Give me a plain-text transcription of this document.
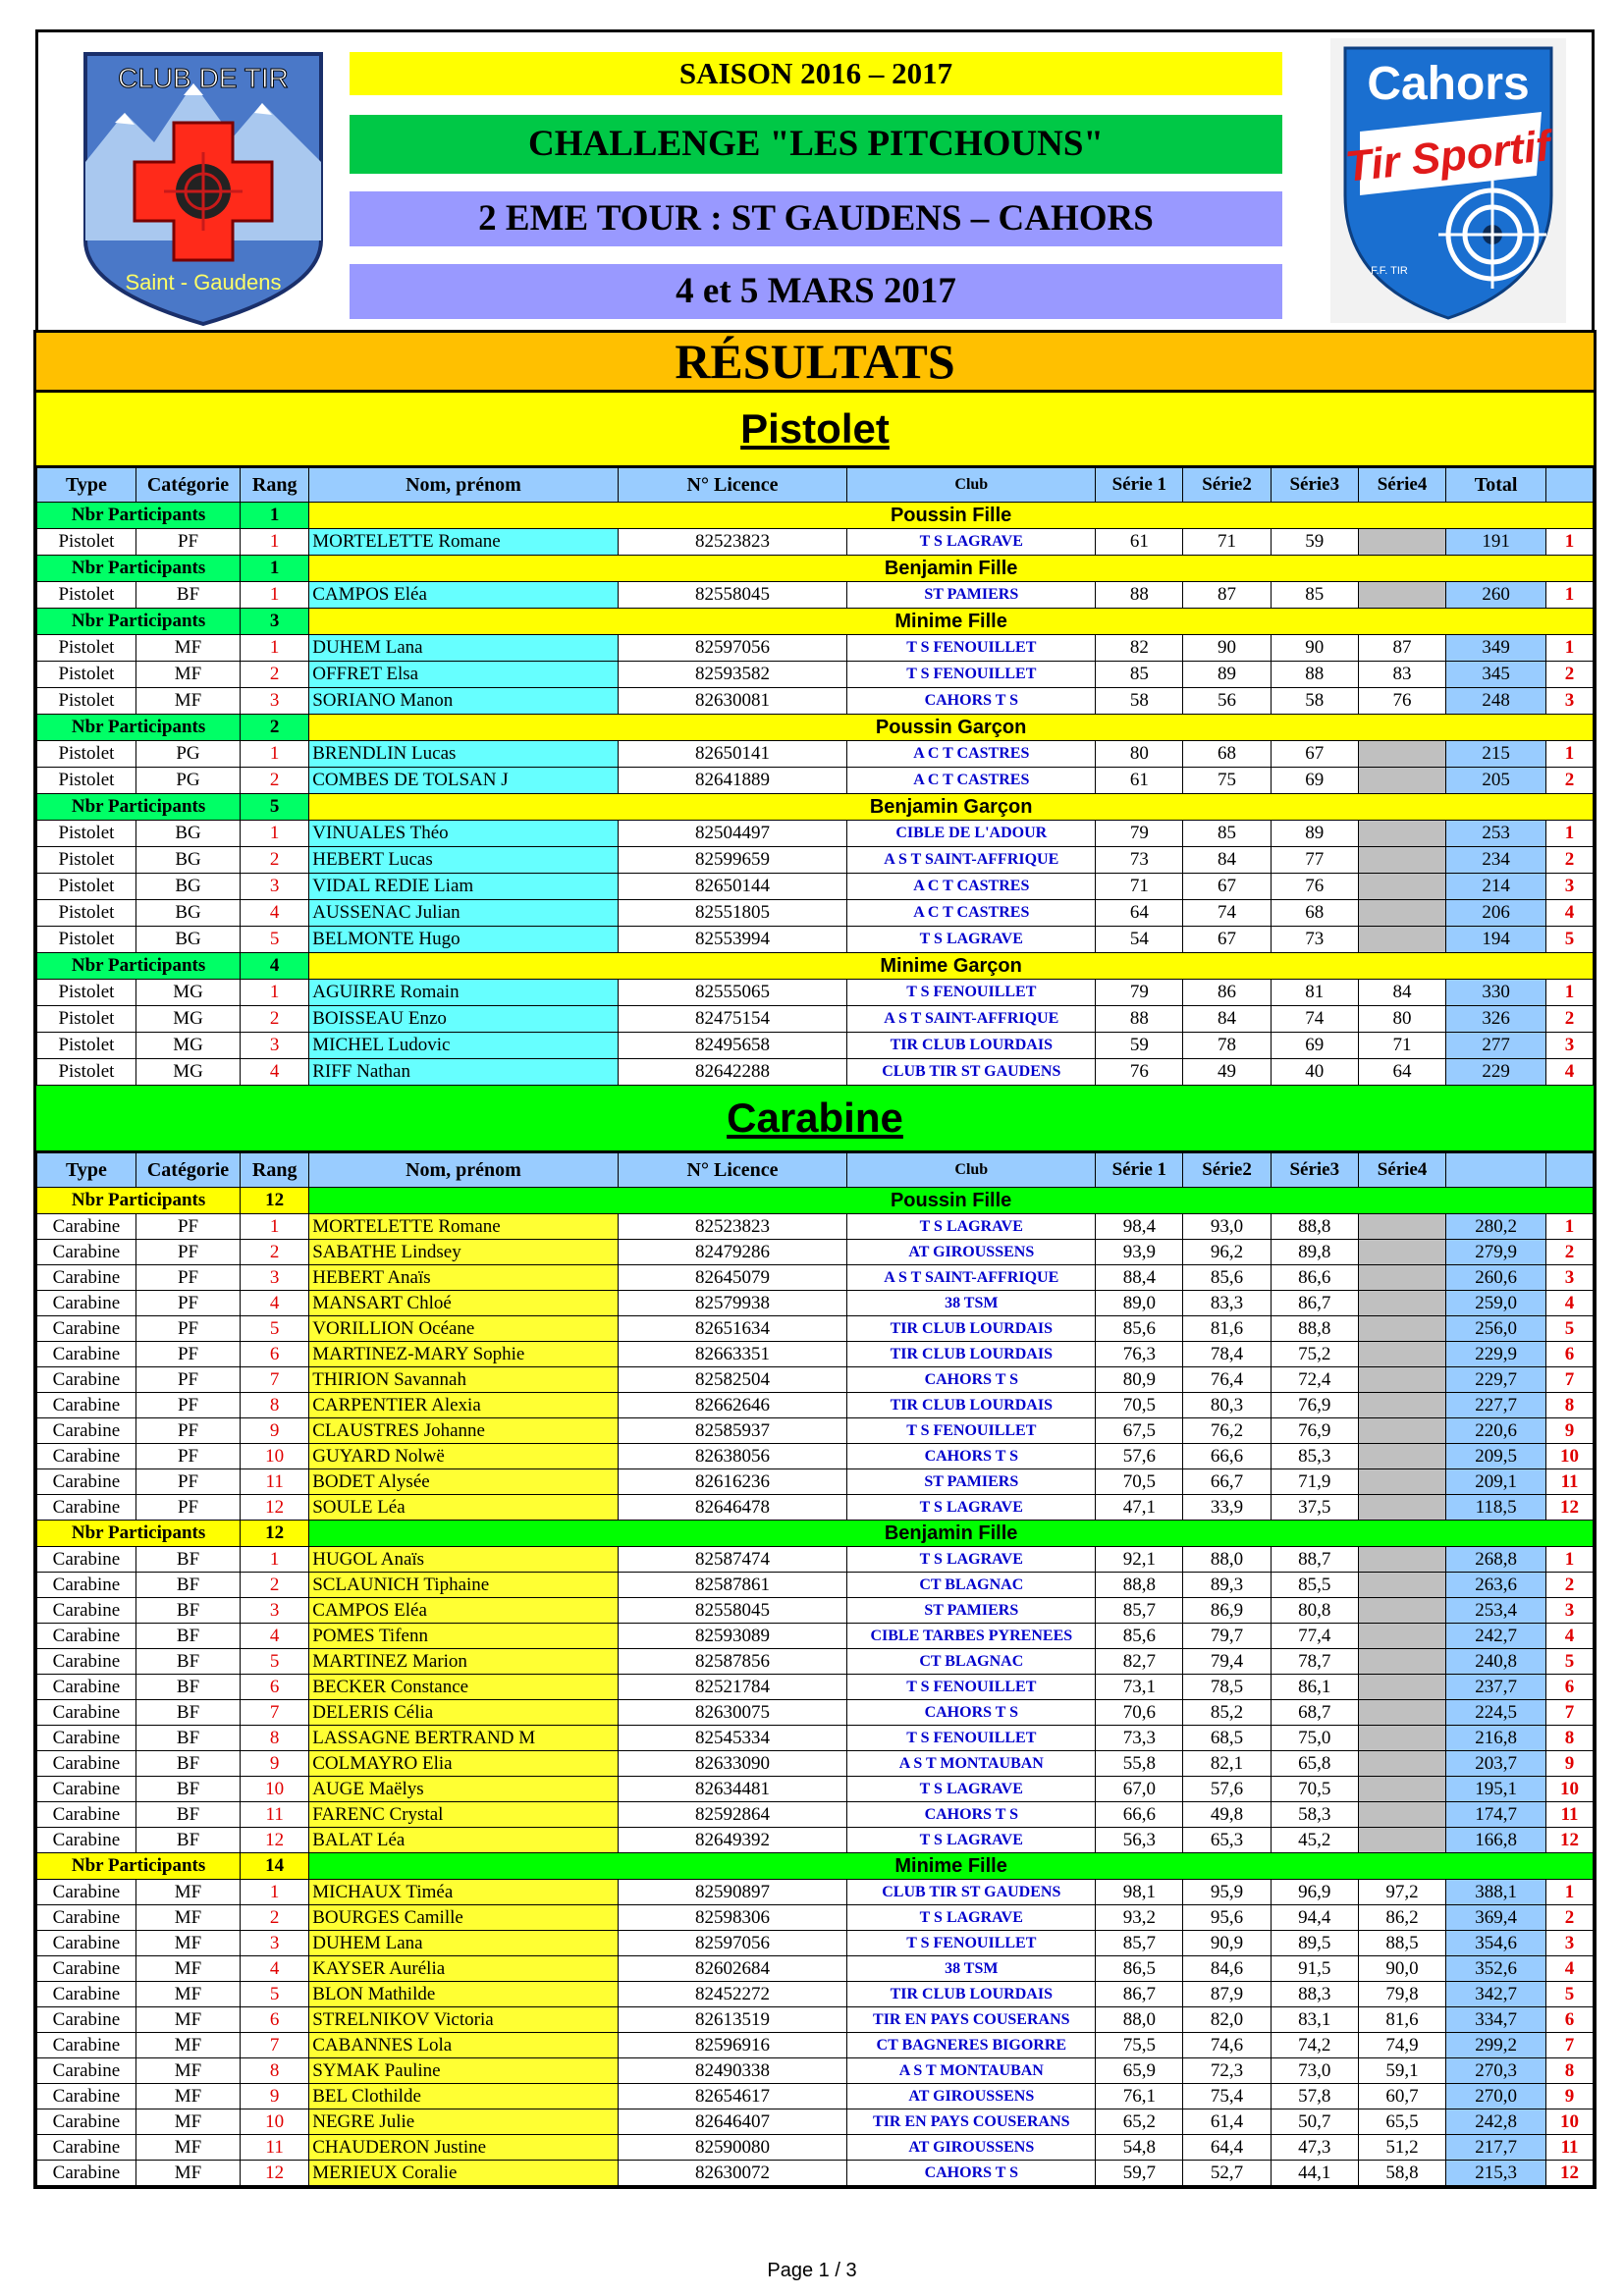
CLUB DE TIR
Saint - Gaudens
SAISON 2016 – 2017
CHALLENGE "LES PITCHOUNS"
2 EME TOUR : ST GAUDENS – CAHORS
4 et 5 MARS 2017
Cahors
Tir Sportif
F.F. TIR
RÉSULTATS
Pistolet
Type	Catégorie	Rang	Nom, prénom	N° Licence	Club	Série 1	Série2	Série3	Série4	Total	
Nbr Participants		1	Poussin Fille								
Pistolet	PF	1	MORTELETTE Romane	82523823	T S LAGRAVE	61	71	59		191	1
Nbr Participants		1	Benjamin Fille								
Pistolet	BF	1	CAMPOS Eléa	82558045	ST PAMIERS	88	87	85		260	1
Nbr Participants		3	Minime Fille								
Pistolet	MF	1	DUHEM Lana	82597056	T S FENOUILLET	82	90	90	87	349	1
Pistolet	MF	2	OFFRET Elsa	82593582	T S FENOUILLET	85	89	88	83	345	2
Pistolet	MF	3	SORIANO Manon	82630081	CAHORS T S	58	56	58	76	248	3
Nbr Participants		2	Poussin Garçon								
Pistolet	PG	1	BRENDLIN Lucas	82650141	A C T CASTRES	80	68	67		215	1
Pistolet	PG	2	COMBES DE TOLSAN J	82641889	A C T CASTRES	61	75	69		205	2
Nbr Participants		5	Benjamin Garçon								
Pistolet	BG	1	VINUALES Théo	82504497	CIBLE DE L'ADOUR	79	85	89		253	1
Pistolet	BG	2	HEBERT Lucas	82599659	A S T SAINT-AFFRIQUE	73	84	77		234	2
Pistolet	BG	3	VIDAL REDIE Liam	82650144	A C T CASTRES	71	67	76		214	3
Pistolet	BG	4	AUSSENAC Julian	82551805	A C T CASTRES	64	74	68		206	4
Pistolet	BG	5	BELMONTE Hugo	82553994	T S LAGRAVE	54	67	73		194	5
Nbr Participants		4	Minime Garçon								
Pistolet	MG	1	AGUIRRE Romain	82555065	T S FENOUILLET	79	86	81	84	330	1
Pistolet	MG	2	BOISSEAU Enzo	82475154	A S T SAINT-AFFRIQUE	88	84	74	80	326	2
Pistolet	MG	3	MICHEL Ludovic	82495658	TIR CLUB LOURDAIS	59	78	69	71	277	3
Pistolet	MG	4	RIFF Nathan	82642288	CLUB TIR ST GAUDENS	76	49	40	64	229	4
Carabine
Type	Catégorie	Rang	Nom, prénom	N° Licence	Club	Série 1	Série2	Série3	Série4		
Nbr Participants		12	Poussin Fille								
Carabine	PF	1	MORTELETTE Romane	82523823	T S LAGRAVE	98,4	93,0	88,8		280,2	1
Carabine	PF	2	SABATHE Lindsey	82479286	AT GIROUSSENS	93,9	96,2	89,8		279,9	2
Carabine	PF	3	HEBERT Anaïs	82645079	A S T SAINT-AFFRIQUE	88,4	85,6	86,6		260,6	3
Carabine	PF	4	MANSART Chloé	82579938	38 TSM	89,0	83,3	86,7		259,0	4
Carabine	PF	5	VORILLION Océane	82651634	TIR CLUB LOURDAIS	85,6	81,6	88,8		256,0	5
Carabine	PF	6	MARTINEZ-MARY Sophie	82663351	TIR CLUB LOURDAIS	76,3	78,4	75,2		229,9	6
Carabine	PF	7	THIRION Savannah	82582504	CAHORS T S	80,9	76,4	72,4		229,7	7
Carabine	PF	8	CARPENTIER Alexia	82662646	TIR CLUB LOURDAIS	70,5	80,3	76,9		227,7	8
Carabine	PF	9	CLAUSTRES Johanne	82585937	T S FENOUILLET	67,5	76,2	76,9		220,6	9
Carabine	PF	10	GUYARD Nolwë	82638056	CAHORS T S	57,6	66,6	85,3		209,5	10
Carabine	PF	11	BODET Alysée	82616236	ST PAMIERS	70,5	66,7	71,9		209,1	11
Carabine	PF	12	SOULE Léa	82646478	T S LAGRAVE	47,1	33,9	37,5		118,5	12
Nbr Participants		12	Benjamin Fille								
Carabine	BF	1	HUGOL Anaïs	82587474	T S LAGRAVE	92,1	88,0	88,7		268,8	1
Carabine	BF	2	SCLAUNICH Tiphaine	82587861	CT BLAGNAC	88,8	89,3	85,5		263,6	2
Carabine	BF	3	CAMPOS Eléa	82558045	ST PAMIERS	85,7	86,9	80,8		253,4	3
Carabine	BF	4	POMES Tifenn	82593089	CIBLE TARBES PYRENEES	85,6	79,7	77,4		242,7	4
Carabine	BF	5	MARTINEZ Marion	82587856	CT BLAGNAC	82,7	79,4	78,7		240,8	5
Carabine	BF	6	BECKER Constance	82521784	T S FENOUILLET	73,1	78,5	86,1		237,7	6
Carabine	BF	7	DELERIS Célia	82630075	CAHORS T S	70,6	85,2	68,7		224,5	7
Carabine	BF	8	LASSAGNE BERTRAND M	82545334	T S FENOUILLET	73,3	68,5	75,0		216,8	8
Carabine	BF	9	COLMAYRO Elia	82633090	A S T MONTAUBAN	55,8	82,1	65,8		203,7	9
Carabine	BF	10	AUGE Maëlys	82634481	T S LAGRAVE	67,0	57,6	70,5		195,1	10
Carabine	BF	11	FARENC Crystal	82592864	CAHORS T S	66,6	49,8	58,3		174,7	11
Carabine	BF	12	BALAT Léa	82649392	T S LAGRAVE	56,3	65,3	45,2		166,8	12
Nbr Participants		14	Minime Fille								
Carabine	MF	1	MICHAUX Timéa	82590897	CLUB TIR ST GAUDENS	98,1	95,9	96,9	97,2	388,1	1
Carabine	MF	2	BOURGES Camille	82598306	T S LAGRAVE	93,2	95,6	94,4	86,2	369,4	2
Carabine	MF	3	DUHEM Lana	82597056	T S FENOUILLET	85,7	90,9	89,5	88,5	354,6	3
Carabine	MF	4	KAYSER Aurélia	82602684	38 TSM	86,5	84,6	91,5	90,0	352,6	4
Carabine	MF	5	BLON Mathilde	82452272	TIR CLUB LOURDAIS	86,7	87,9	88,3	79,8	342,7	5
Carabine	MF	6	STRELNIKOV Victoria	82613519	TIR EN PAYS COUSERANS	88,0	82,0	83,1	81,6	334,7	6
Carabine	MF	7	CABANNES Lola	82596916	CT BAGNERES BIGORRE	75,5	74,6	74,2	74,9	299,2	7
Carabine	MF	8	SYMAK Pauline	82490338	A S T MONTAUBAN	65,9	72,3	73,0	59,1	270,3	8
Carabine	MF	9	BEL Clothilde	82654617	AT GIROUSSENS	76,1	75,4	57,8	60,7	270,0	9
Carabine	MF	10	NEGRE Julie	82646407	TIR EN PAYS COUSERANS	65,2	61,4	50,7	65,5	242,8	10
Carabine	MF	11	CHAUDERON Justine	82590080	AT GIROUSSENS	54,8	64,4	47,3	51,2	217,7	11
Carabine	MF	12	MERIEUX Coralie	82630072	CAHORS T S	59,7	52,7	44,1	58,8	215,3	12
Page 1 / 3
